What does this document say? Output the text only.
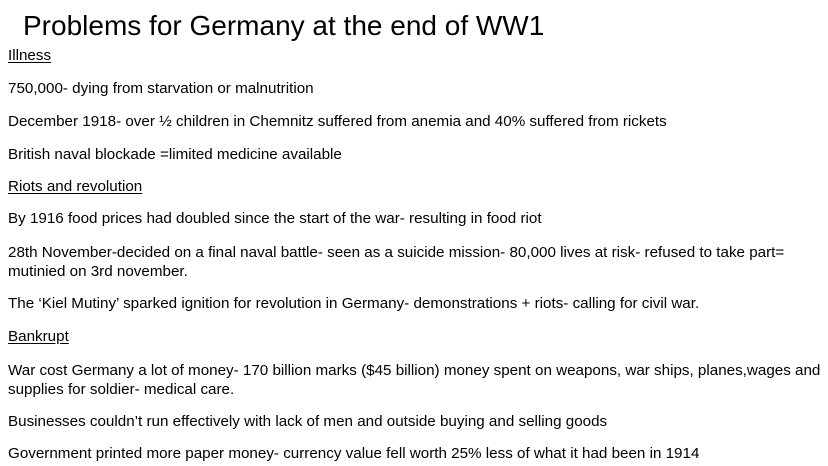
Problems for Germany at the end of WW1

Illness

750,000- dying from starvation or malnutrition

December 1918- over ½ children in Chemnitz suffered from anemia and 40% suffered from rickets

British naval blockade =limited medicine available

Riots and revolution

By 1916 food prices had doubled since the start of the war- resulting in food riot

28th November-decided on a final naval battle- seen as a suicide mission- 80,000 lives at risk- refused to take part= mutinied on 3rd november.

The ‘Kiel Mutiny’ sparked ignition for revolution in Germany- demonstrations + riots- calling for civil war.

Bankrupt

War cost Germany a lot of money- 170 billion marks ($45 billion) money spent on weapons, war ships, planes,wages and supplies for soldier- medical care.

Businesses couldn’t run effectively with lack of men and outside buying and selling goods

Government printed more paper money- currency value fell worth 25% less of what it had been in 1914
